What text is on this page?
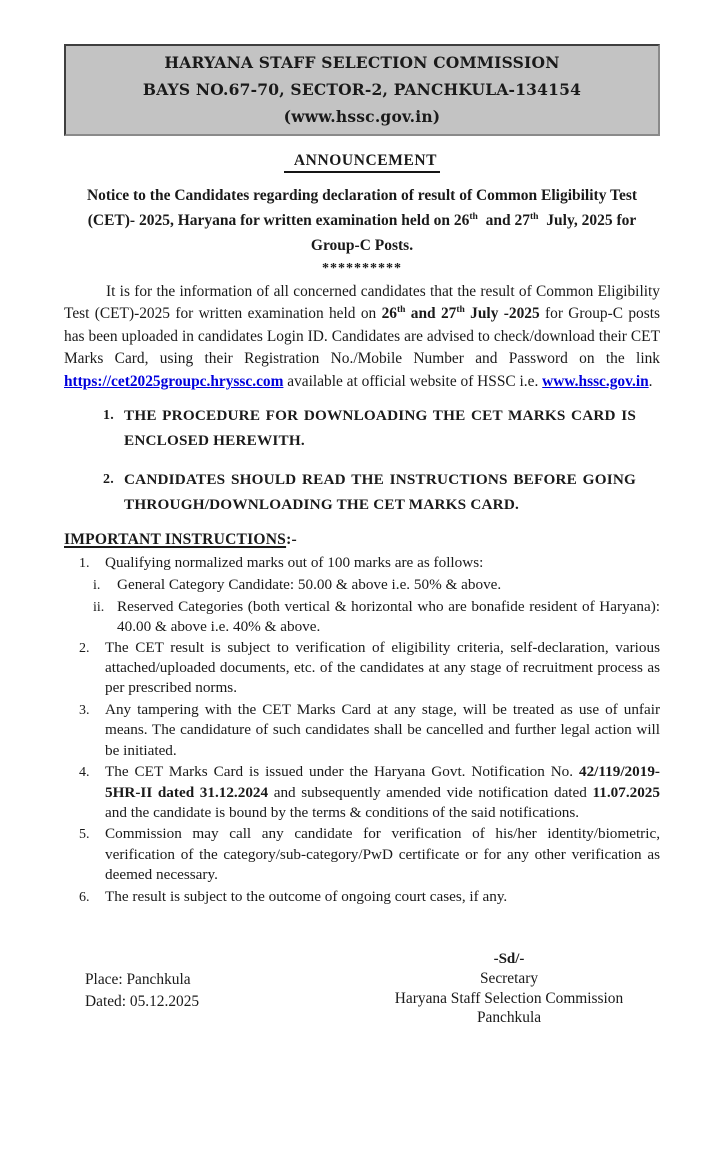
HARYANA STAFF SELECTION COMMISSION
BAYS NO.67-70, SECTOR-2, PANCHKULA-134154
(www.hssc.gov.in)
ANNOUNCEMENT
Notice to the Candidates regarding declaration of result of Common Eligibility Test (CET)- 2025, Haryana for written examination held on 26th  and 27th  July, 2025 for Group-C Posts.
**********

It is for the information of all concerned candidates that the result of Common Eligibility Test (CET)-2025 for written examination held on 26th and 27th July -2025 for Group-C posts has been uploaded in candidates Login ID. Candidates are advised to check/download their CET Marks Card, using their Registration No./Mobile Number and Password on the link https://cet2025groupc.hryssc.com available at official website of HSSC i.e. www.hssc.gov.in.

1. THE PROCEDURE FOR DOWNLOADING THE CET MARKS CARD IS ENCLOSED HEREWITH.
2. CANDIDATES SHOULD READ THE INSTRUCTIONS BEFORE GOING THROUGH/DOWNLOADING THE CET MARKS CARD.
IMPORTANT INSTRUCTIONS:-
1.	Qualifying normalized marks out of 100 marks are as follows:
i.	General Category Candidate: 50.00 & above i.e. 50% & above.
ii. Reserved Categories (both vertical & horizontal who are bonafide resident of Haryana): 40.00 & above i.e. 40% & above.
2.	The CET result is subject to verification of eligibility criteria, self-declaration, various attached/uploaded documents, etc. of the candidates at any stage of recruitment process as per prescribed norms.
3.	Any tampering with the CET Marks Card at any stage, will be treated as use of unfair means. The candidature of such candidates shall be cancelled and further legal action will be initiated.
4.	The CET Marks Card is issued under the Haryana Govt. Notification No. 42/119/2019-5HR-II dated 31.12.2024 and subsequently amended vide notification dated 11.07.2025 and the candidate is bound by the terms & conditions of the said notifications.
5.	Commission may call any candidate for verification of his/her identity/biometric, verification of the category/sub-category/PwD certificate or for any other verification as deemed necessary.
6.	The result is subject to the outcome of ongoing court cases, if any.
Place: Panchkula
Dated: 05.12.2025
-Sd/-
Secretary
Haryana Staff Selection Commission
Panchkula
